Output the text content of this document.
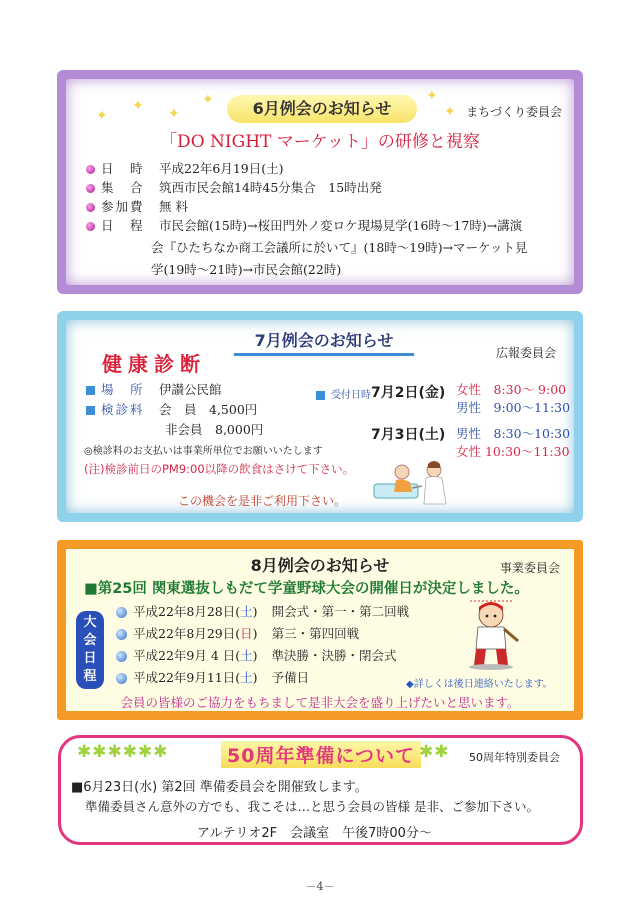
✦
✦ ✦
✦	✦
✦
6月例会のお知らせ	まちづくり委員会
「DO NIGHT マーケット」の研修と視察
日　時 平成22年6月19日(土)
集　合 筑西市民会館14時45分集合　15時出発
参加費 無 料
日　程 市民会館(15時)→桜田門外ノ変ロケ現場見学(16時～17時)→講演
会『ひたちなか商工会議所に於いて』(18時～19時)→マーケット見
学(19時～21時)→市民会館(22時)
7月例会のお知らせ
広報委員会
健康診断
場　所 伊讃公民館
検診料 会　員　4,500円
非会員　8,000円
◎検診料のお支払いは事業所単位でお願いいたします
(注)検診前日のPM9:00以降の飲食はさけて下さい。
受付日時 7月2日(金) 女性　8:30～ 9:00
男性　9:00～11:30
7月3日(土) 男性　8:30～10:30
女性 10:30～11:30
この機会を是非ご利用下さい。
8月例会のお知らせ	事業委員会
■第25回 関東選抜しもだて学童野球大会の開催日が決定しました。
大会日程
平成22年8月28日(土) 開会式・第一・第二回戦
平成22年8月29日(日) 第三・第四回戦
平成22年9月 4 日(土) 準決勝・決勝・閉会式
平成22年9月11日(土) 予備日	◆詳しくは後日連絡いたします。
会員の皆様のご協力をもちまして是非大会を盛り上げたいと思います。
✱✱✱✱✱✱	50周年準備について ✱✱ 50周年特別委員会
■6月23日(水) 第2回 準備委員会を開催致します。
準備委員さん意外の方でも、我こそは…と思う会員の皆様 是非、ご参加下さい。
アルテリオ2F　会議室　午後7時00分～
－4－
